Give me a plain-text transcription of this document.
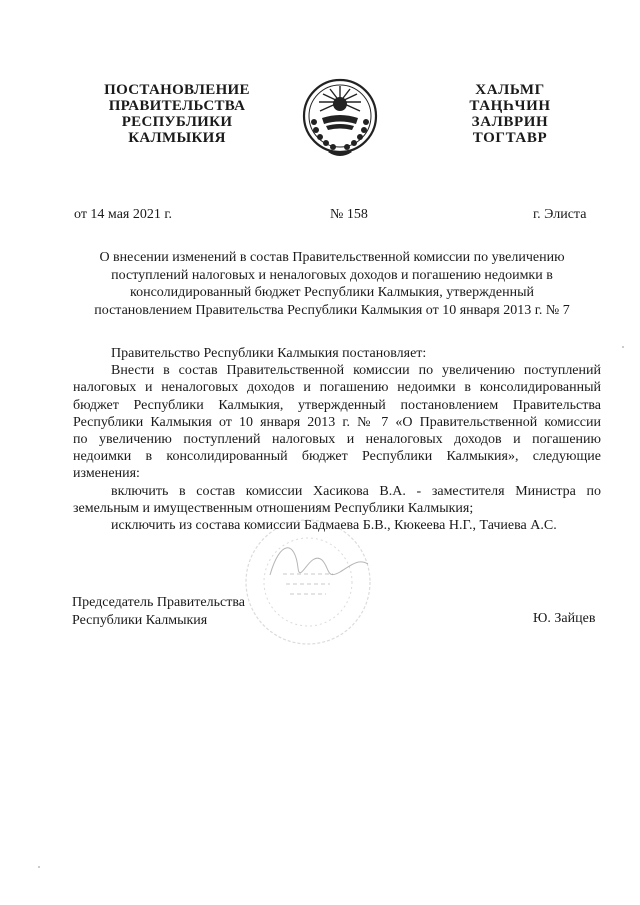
ПОСТАНОВЛЕНИЕ
ПРАВИТЕЛЬСТВА
РЕСПУБЛИКИ
КАЛМЫКИЯ
ХАЛЬМГ
ТАҢҺЧИН
ЗАЛВРИН
ТОГТАВР
от 14 мая 2021 г.	№ 158	г. Элиста
О внесении изменений в состав Правительственной комиссии по увеличению
поступлений налоговых и неналоговых доходов и погашению недоимки в
консолидированный бюджет Республики Калмыкия, утвержденный
постановлением Правительства Республики Калмыкия от 10 января 2013 г. № 7
Правительство Республики Калмыкия постановляет:
Внести в состав Правительственной комиссии по увеличению поступлений
налоговых и неналоговых доходов и погашению недоимки в консолидированный
бюджет Республики Калмыкия, утвержденный постановлением Правительства
Республики Калмыкия от 10 января 2013 г. № 7 «О Правительственной комиссии
по увеличению поступлений налоговых и неналоговых доходов и погашению
недоимки в консолидированный бюджет Республики Калмыкия», следующие
изменения:
включить в состав комиссии Хасикова В.А. - заместителя Министра по
земельным и имущественным отношениям Республики Калмыкия;
исключить из состава комиссии Бадмаева Б.В., Кюкеева Н.Г., Тачиева А.С.
Председатель Правительства
Республики Калмыкия	Ю. Зайцев
